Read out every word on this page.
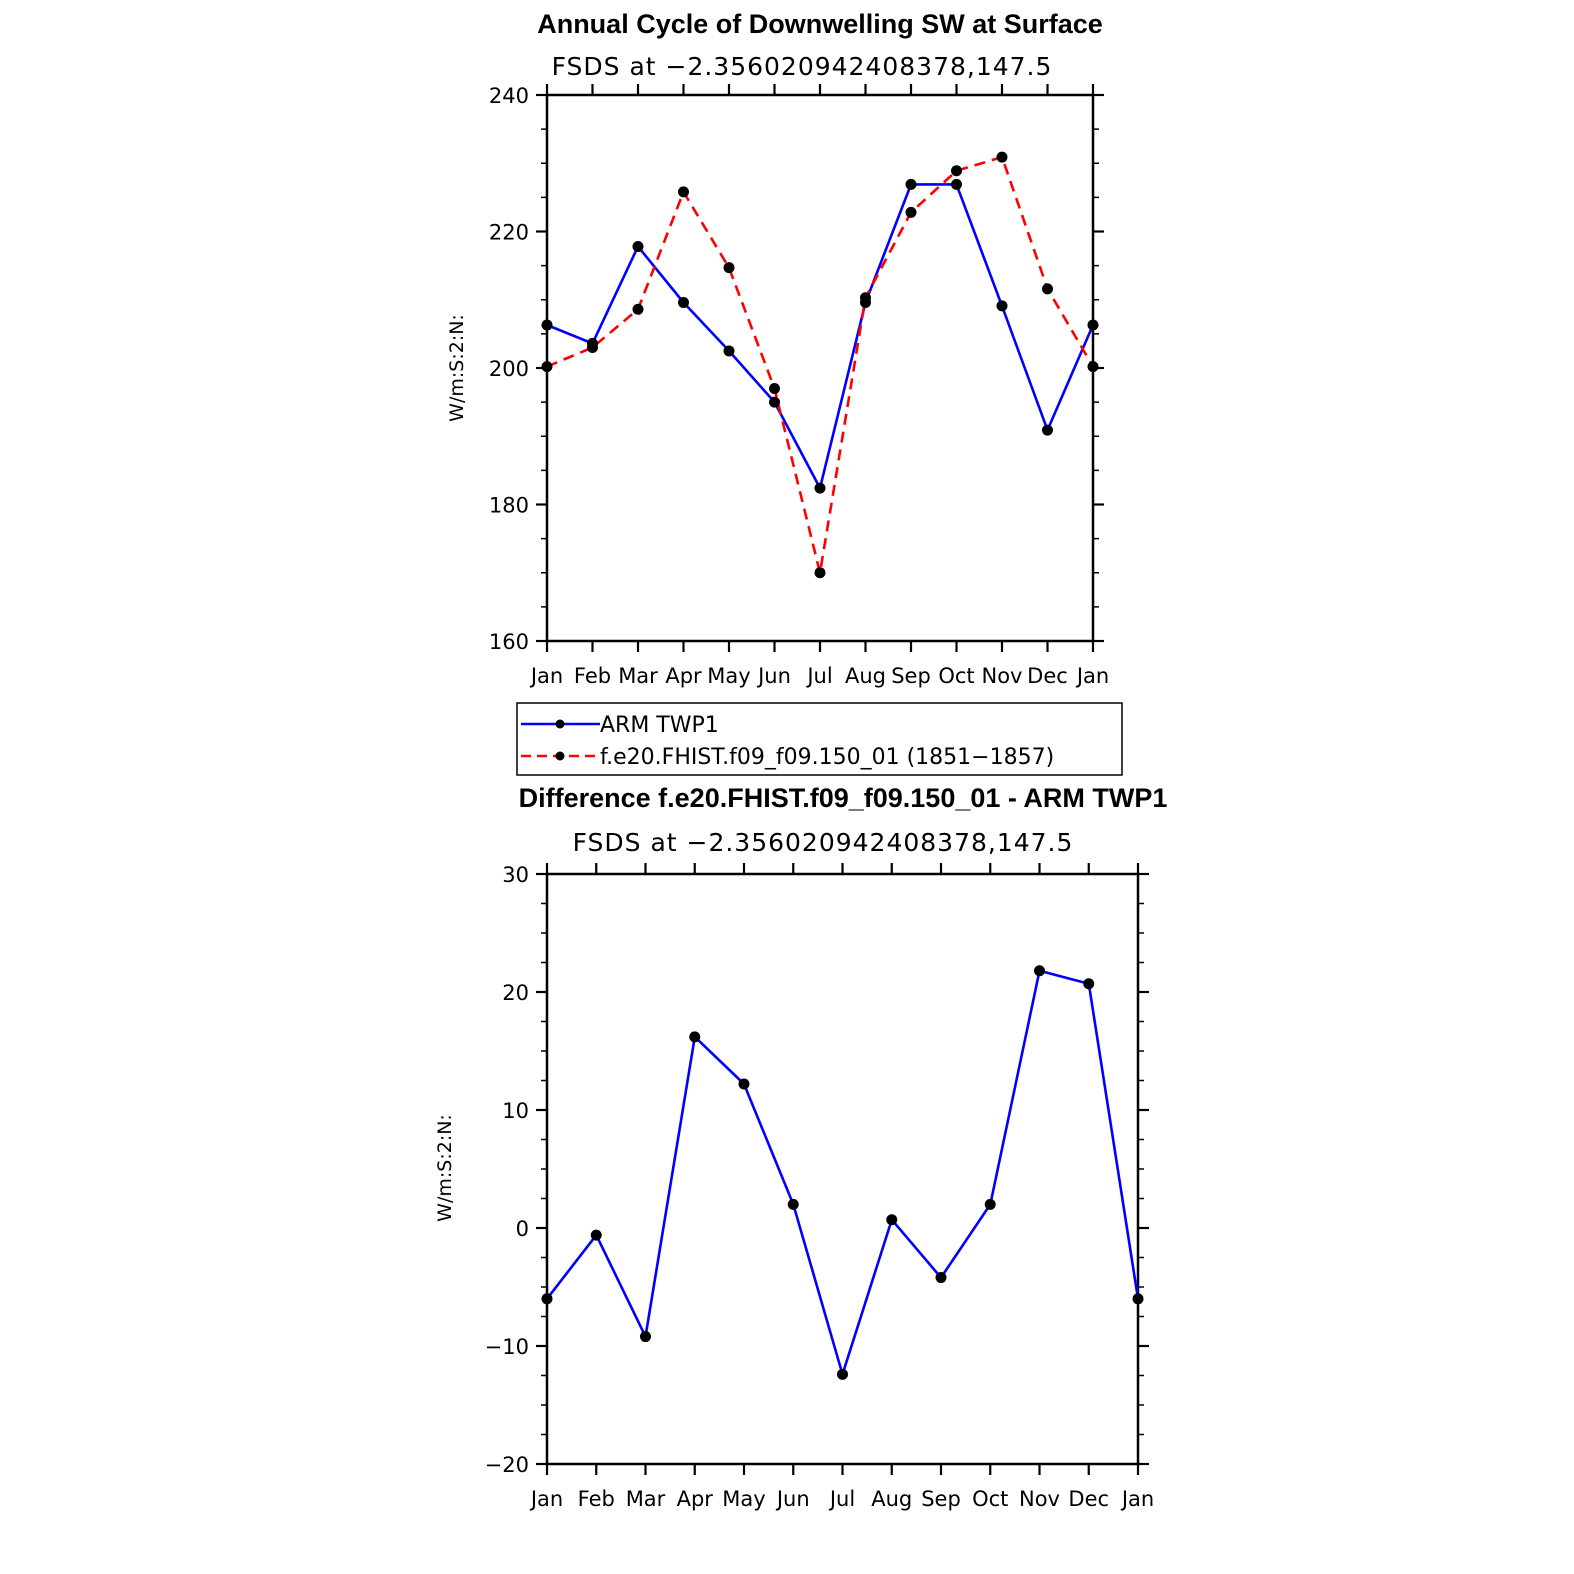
Annual Cycle of Downwelling SW at Surface
FSDS at −2.356020942408378,147.5
W/m:S:2:N:
160
180
200
220
240
Jan Feb Mar Apr May Jun Jul Aug Sep Oct Nov Dec Jan
ARM TWP1
f.e20.FHIST.f09_f09.150_01 (1851−1857)
Difference f.e20.FHIST.f09_f09.150_01 - ARM TWP1
FSDS at −2.356020942408378,147.5
W/m:S:2:N:
−20
−10
0
10
20
30
Jan Feb Mar Apr May Jun Jul Aug Sep Oct Nov Dec Jan
